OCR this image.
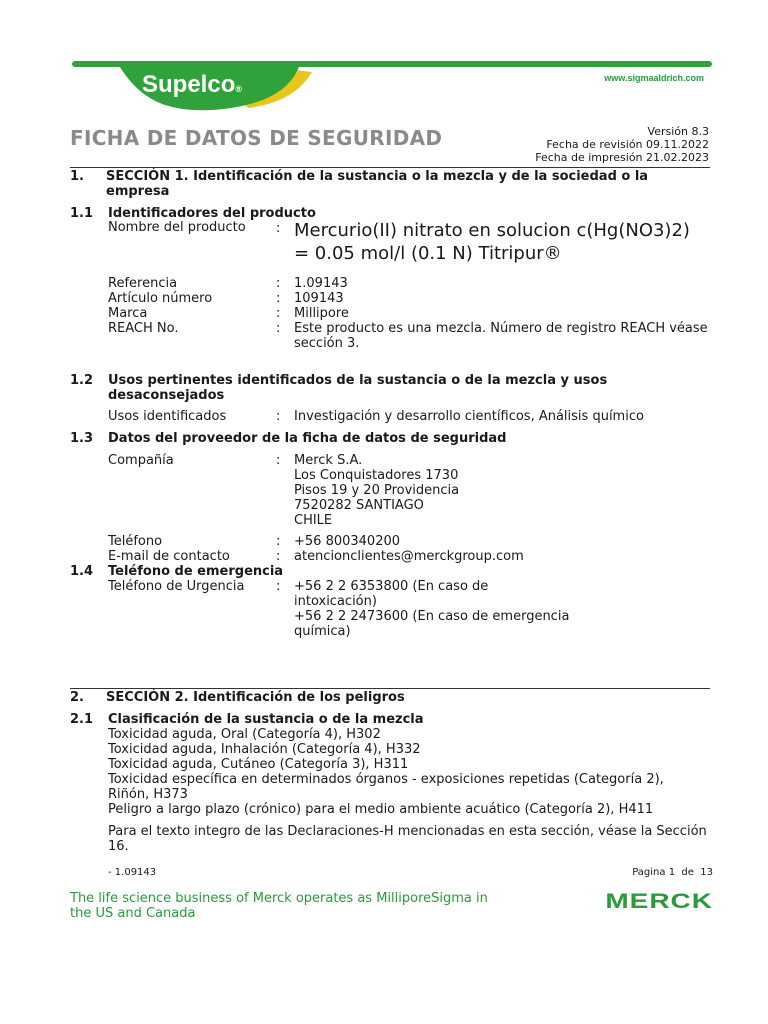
Supelco®
www.sigmaaldrich.com
FICHA DE DATOS DE SEGURIDAD	Versión 8.3
Fecha de revisión 09.11.2022
Fecha de impresión 21.02.2023
1. SECCIÓN 1. Identificación de la sustancia o la mezcla y de la sociedad o la
empresa
1.1 Identificadores del producto
Nombre del producto : Mercurio(II) nitrato en solucion c(Hg(NO3)2)
= 0.05 mol/l (0.1 N) Titripur®
Referencia	: 1.09143
Artículo número	: 109143
Marca	: Millipore
REACH No.	: Este producto es una mezcla. Número de registro REACH véase
sección 3.
1.2 Usos pertinentes identificados de la sustancia o de la mezcla y usos
desaconsejados
Usos identificados	: Investigación y desarrollo científicos, Análisis químico
1.3 Datos del proveedor de la ficha de datos de seguridad
Compañía	: Merck S.A.
Los Conquistadores 1730
Pisos 19 y 20 Providencia
7520282 SANTIAGO
CHILE
Teléfono	: +56 800340200
E-mail de contacto	: atencionclientes@merckgroup.com
1.4 Teléfono de emergencia
Teléfono de Urgencia : +56 2 2 6353800 (En caso de
intoxicación)
+56 2 2 2473600 (En caso de emergencia
química)
2. SECCIÓN 2. Identificación de los peligros
2.1 Clasificación de la sustancia o de la mezcla
Toxicidad aguda, Oral (Categoría 4), H302
Toxicidad aguda, Inhalación (Categoría 4), H332
Toxicidad aguda, Cutáneo (Categoría 3), H311
Toxicidad específica en determinados órganos - exposiciones repetidas (Categoría 2),
Riñón, H373
Peligro a largo plazo (crónico) para el medio ambiente acuático (Categoría 2), H411
Para el texto integro de las Declaraciones-H mencionadas en esta sección, véase la Sección
16.
- 1.09143	Pagina 1  de  13
The life science business of Merck operates as MilliporeSigma in
the US and Canada
MERCK
